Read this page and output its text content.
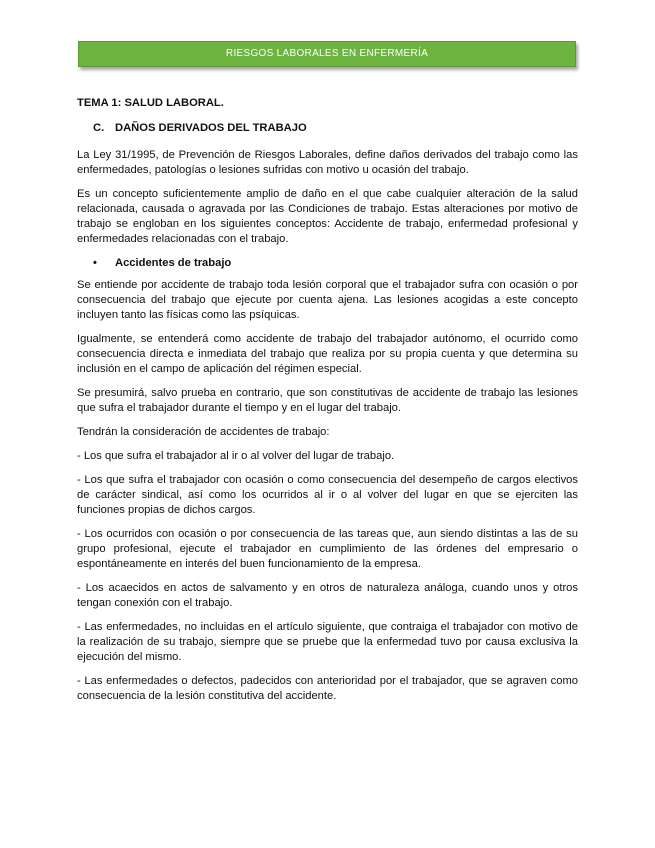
RIESGOS LABORALES EN ENFERMERÍA
TEMA 1: SALUD LABORAL.
C. DAÑOS DERIVADOS DEL TRABAJO

La Ley 31/1995, de Prevención de Riesgos Laborales, define daños derivados del trabajo como las enfermedades, patologías o lesiones sufridas con motivo u ocasión del trabajo.

Es un concepto suficientemente amplio de daño en el que cabe cualquier alteración de la salud relacionada, causada o agravada por las Condiciones de trabajo. Estas alteraciones por motivo de trabajo se engloban en los siguientes conceptos: Accidente de trabajo, enfermedad profesional y enfermedades relacionadas con el trabajo.

• Accidentes de trabajo

Se entiende por accidente de trabajo toda lesión corporal que el trabajador sufra con ocasión o por consecuencia del trabajo que ejecute por cuenta ajena. Las lesiones acogidas a este concepto incluyen tanto las físicas como las psíquicas.

Igualmente, se entenderá como accidente de trabajo del trabajador autónomo, el ocurrido como consecuencia directa e inmediata del trabajo que realiza por su propia cuenta y que determina su inclusión en el campo de aplicación del régimen especial.

Se presumirá, salvo prueba en contrario, que son constitutivas de accidente de trabajo las lesiones que sufra el trabajador durante el tiempo y en el lugar del trabajo.

Tendrán la consideración de accidentes de trabajo:

- Los que sufra el trabajador al ir o al volver del lugar de trabajo.

- Los que sufra el trabajador con ocasión o como consecuencia del desempeño de cargos electivos de carácter sindical, así como los ocurridos al ir o al volver del lugar en que se ejerciten las funciones propias de dichos cargos.

- Los ocurridos con ocasión o por consecuencia de las tareas que, aun siendo distintas a las de su grupo profesional, ejecute el trabajador en cumplimiento de las órdenes del empresario o espontáneamente en interés del buen funcionamiento de la empresa.

- Los acaecidos en actos de salvamento y en otros de naturaleza análoga, cuando unos y otros tengan conexión con el trabajo.

- Las enfermedades, no incluidas en el artículo siguiente, que contraiga el trabajador con motivo de la realización de su trabajo, siempre que se pruebe que la enfermedad tuvo por causa exclusiva la ejecución del mismo.

- Las enfermedades o defectos, padecidos con anterioridad por el trabajador, que se agraven como consecuencia de la lesión constitutiva del accidente.
